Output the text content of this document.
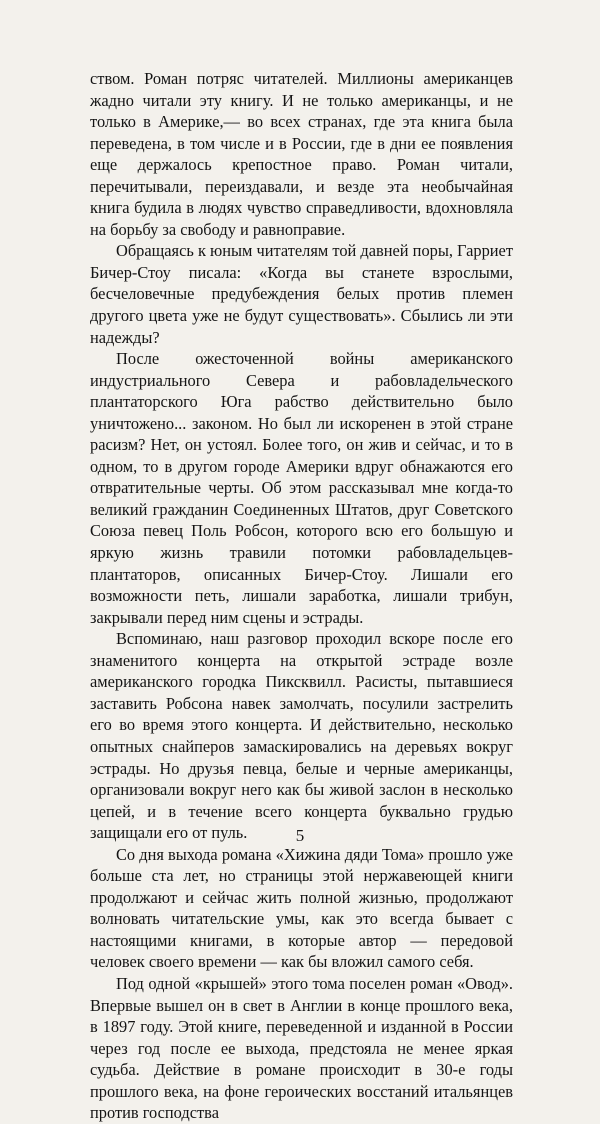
ством. Роман потряс читателей. Миллионы американцев жадно читали эту книгу. И не только американцы, и не только в Америке,— во всех странах, где эта книга была переведена, в том числе и в России, где в дни ее появления еще держалось крепостное право. Роман читали, перечитывали, переиздавали, и везде эта необычайная книга будила в людях чувство справедливости, вдохновляла на борьбу за свободу и равноправие.

Обращаясь к юным читателям той давней поры, Гарриет Бичер-Стоу писала: «Когда вы станете взрослыми, бесчеловечные предубеждения белых против племен другого цвета уже не будут существовать». Сбылись ли эти надежды?

После ожесточенной войны американского индустриального Севера и рабовладельческого плантаторского Юга рабство действительно было уничтожено... законом. Но был ли искоренен в этой стране расизм? Нет, он устоял. Более того, он жив и сейчас, и то в одном, то в другом городе Америки вдруг обнажаются его отвратительные черты. Об этом рассказывал мне когда-то великий гражданин Соединенных Штатов, друг Советского Союза певец Поль Робсон, которого всю его большую и яркую жизнь травили потомки рабовладельцев-плантаторов, описанных Бичер-Стоу. Лишали его возможности петь, лишали заработка, лишали трибун, закрывали перед ним сцены и эстрады.

Вспоминаю, наш разговор проходил вскоре после его знаменитого концерта на открытой эстраде возле американского городка Пиксквилл. Расисты, пытавшиеся заставить Робсона навек замолчать, посулили застрелить его во время этого концерта. И действительно, несколько опытных снайперов замаскировались на деревьях вокруг эстрады. Но друзья певца, белые и черные американцы, организовали вокруг него как бы живой заслон в несколько цепей, и в течение всего концерта буквально грудью защищали его от пуль.

Со дня выхода романа «Хижина дяди Тома» прошло уже больше ста лет, но страницы этой нержавеющей книги продолжают и сейчас жить полной жизнью, продолжают волновать читательские умы, как это всегда бывает с настоящими книгами, в которые автор — передовой человек своего времени — как бы вложил самого себя.

Под одной «крышей» этого тома поселен роман «Овод». Впервые вышел он в свет в Англии в конце прошлого века, в 1897 году. Этой книге, переведенной и изданной в России через год после ее выхода, предстояла не менее яркая судьба. Действие в романе происходит в 30-е годы прошлого века, на фоне героических восстаний итальянцев против господства

5
